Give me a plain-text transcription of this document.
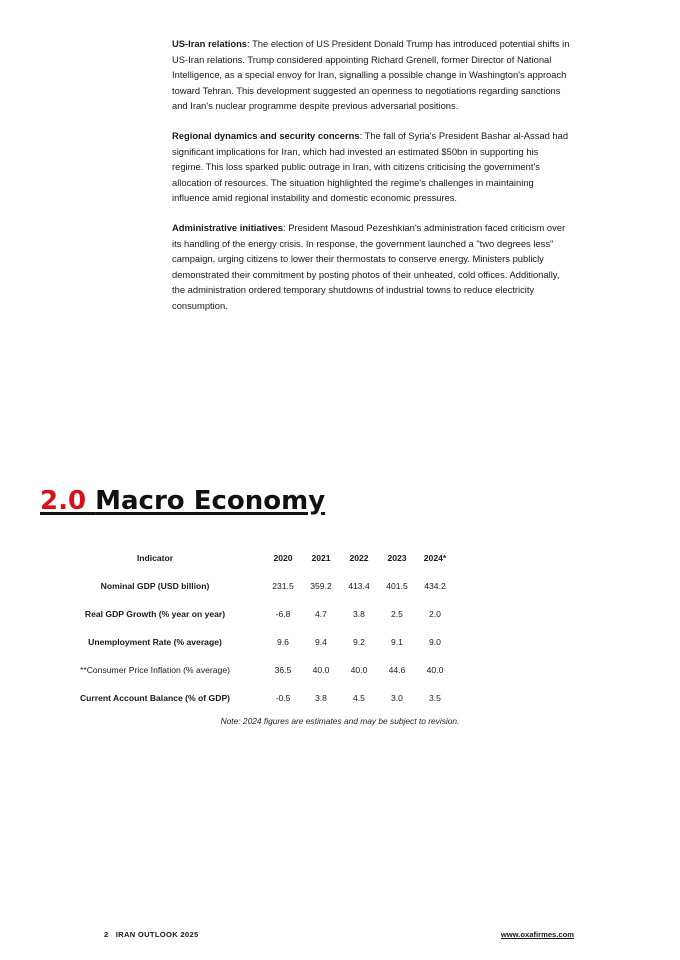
US-Iran relations: The election of US President Donald Trump has introduced potential shifts in US-Iran relations. Trump considered appointing Richard Grenell, former Director of National Intelligence, as a special envoy for Iran, signalling a possible change in Washington's approach toward Tehran. This development suggested an openness to negotiations regarding sanctions and Iran's nuclear programme despite previous adversarial positions.

Regional dynamics and security concerns: The fall of Syria's President Bashar al-Assad had significant implications for Iran, which had invested an estimated $50bn in supporting his regime. This loss sparked public outrage in Iran, with citizens criticising the government's allocation of resources. The situation highlighted the regime's challenges in maintaining influence amid regional instability and domestic economic pressures.

Administrative initiatives: President Masoud Pezeshkian's administration faced criticism over its handling of the energy crisis. In response, the government launched a "two degrees less" campaign, urging citizens to lower their thermostats to conserve energy. Ministers publicly demonstrated their commitment by posting photos of their unheated, cold offices. Additionally, the administration ordered temporary shutdowns of industrial towns to reduce electricity consumption.

2.0 Macro Economy
Indicator	2020	2021	2022	2023	2024*
Nominal GDP (USD billion)	231.5	359.2	413.4	401.5	434.2
Real GDP Growth (% year on year)	-6.8	4.7	3.8	2.5	2.0
Unemployment Rate (% average)	9.6	9.4	9.2	9.1	9.0
**Consumer Price Inflation (% average)	36.5	40.0	40.0	44.6	40.0
Current Account Balance (% of GDP)	-0.5	3.8	4.5	3.0	3.5
Note: 2024 figures are estimates and may be subject to revision.
2   IRAN OUTLOOK 2025	www.oxafirmes.com
